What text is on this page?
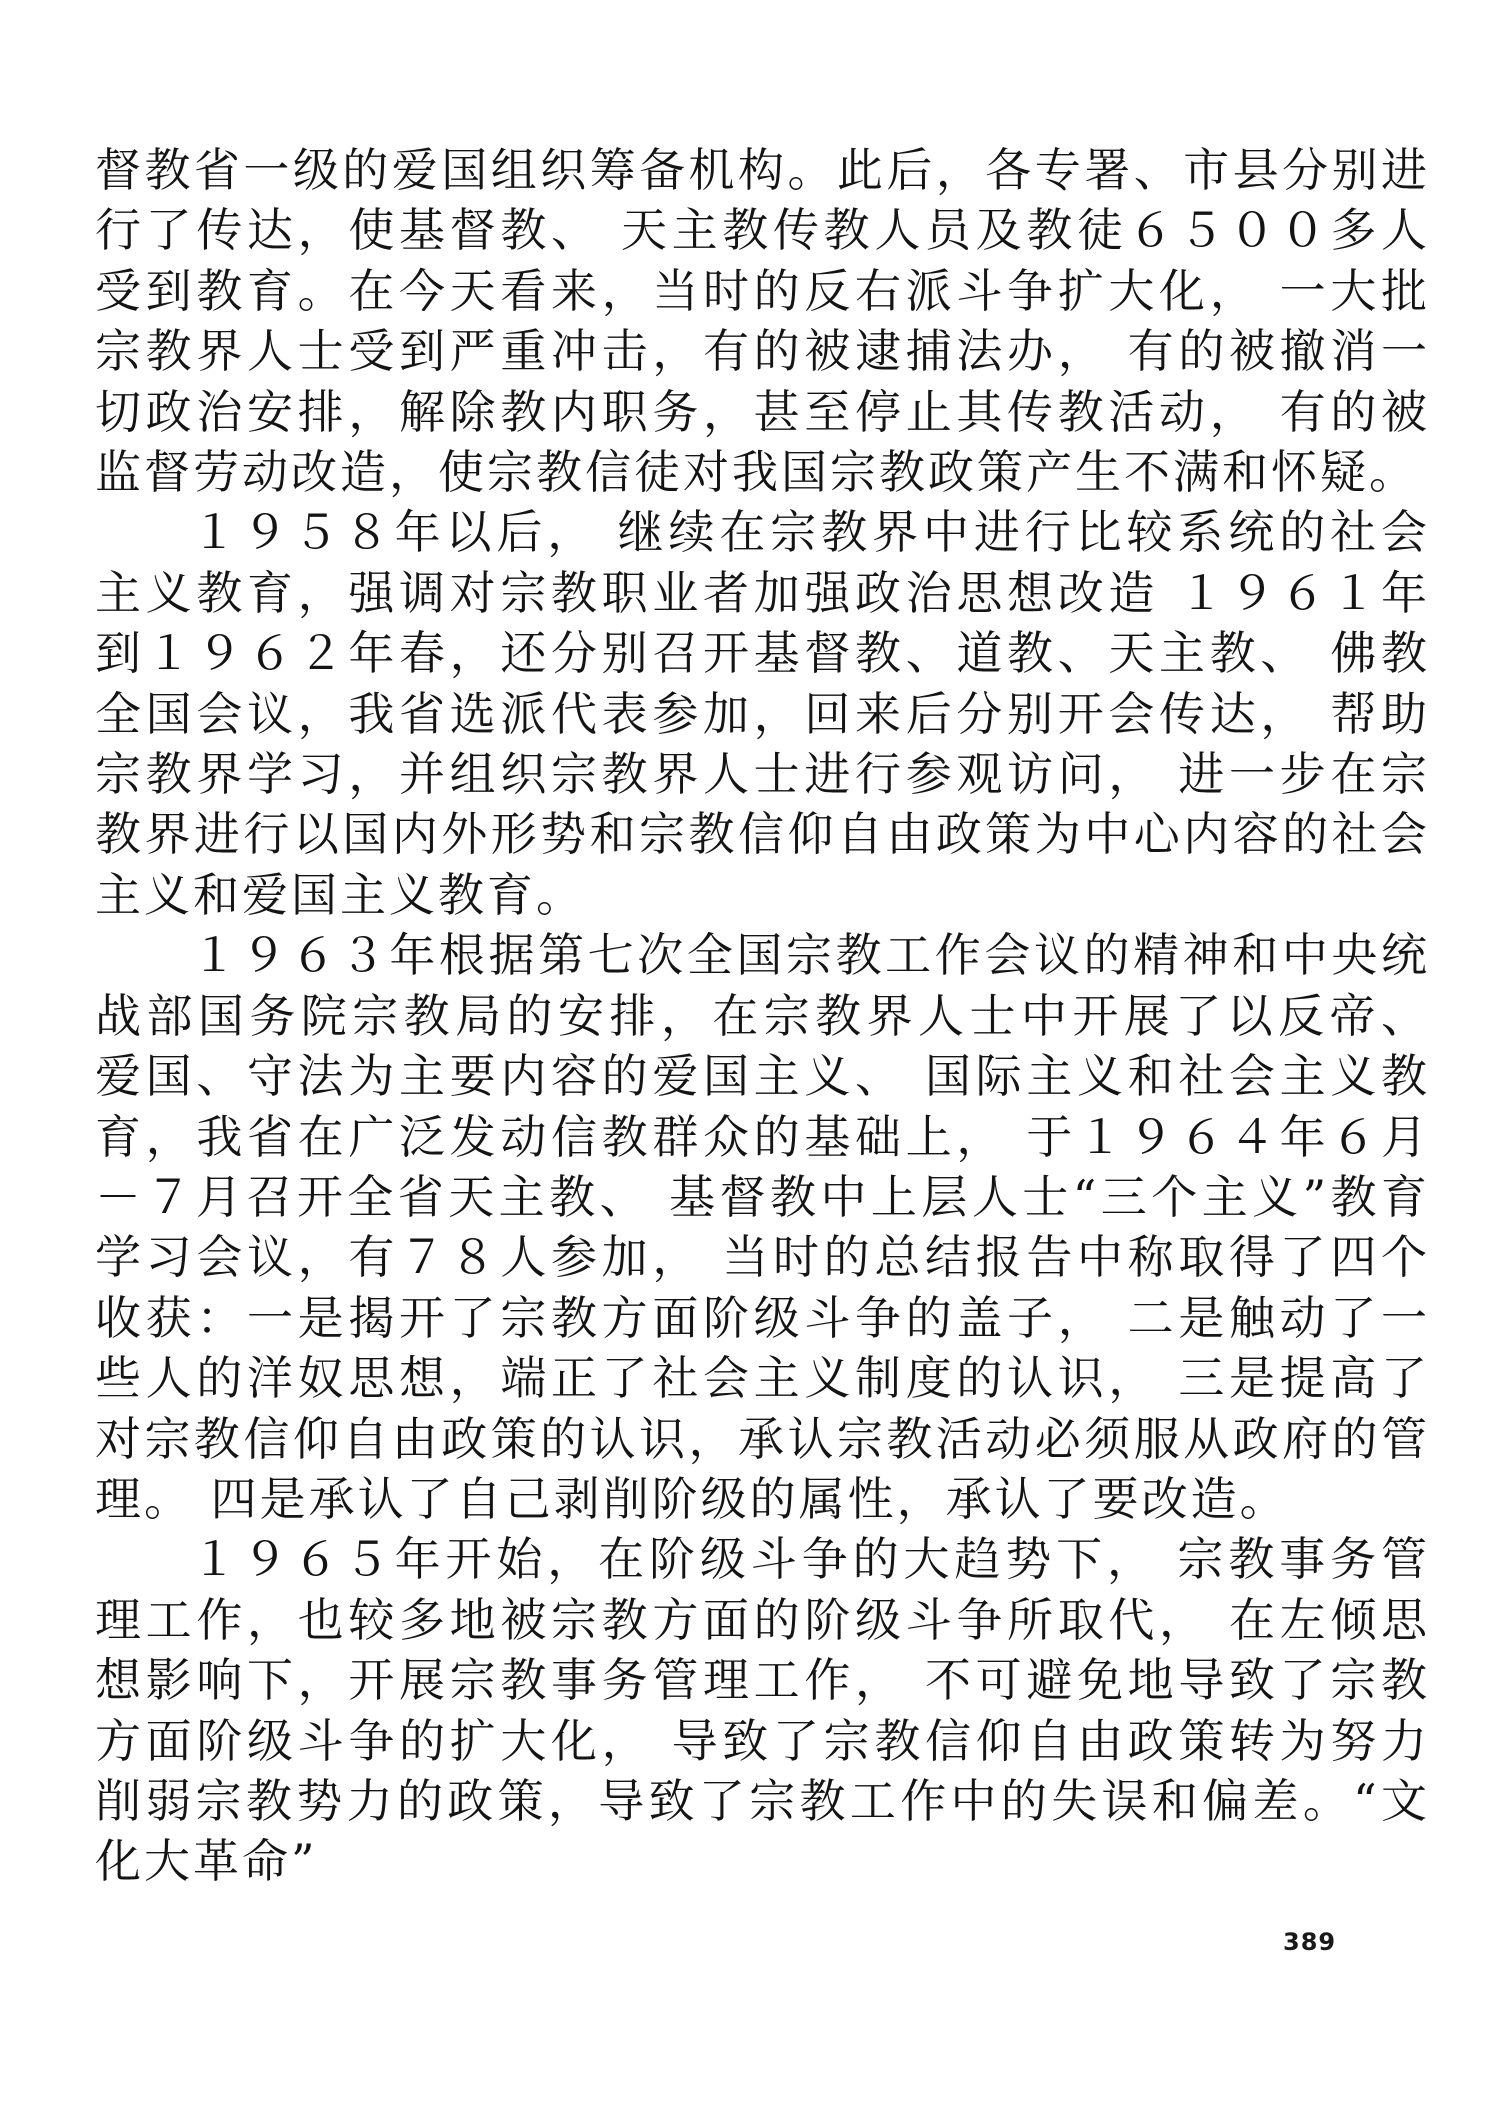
督教省一级的爱国组织筹备机构。此后，各专署、市县分别进行了传达，使基督教、 天主教传教人员及教徒６５００多人受到教育。在今天看来，当时的反右派斗争扩大化， 一大批宗教界人士受到严重冲击，有的被逮捕法办， 有的被撤消一切政治安排，解除教内职务，甚至停止其传教活动， 有的被监督劳动改造，使宗教信徒对我国宗教政策产生不满和怀疑。

１９５８年以后， 继续在宗教界中进行比较系统的社会主义教育，强调对宗教职业者加强政治思想改造 １９６１年到１９６２年春，还分别召开基督教、道教、天主教、 佛教全国会议，我省选派代表参加，回来后分别开会传达， 帮助宗教界学习，并组织宗教界人士进行参观访问， 进一步在宗教界进行以国内外形势和宗教信仰自由政策为中心内容的社会主义和爱国主义教育。

１９６３年根据第七次全国宗教工作会议的精神和中央统战部国务院宗教局的安排，在宗教界人士中开展了以反帝、 爱国、守法为主要内容的爱国主义、 国际主义和社会主义教育，我省在广泛发动信教群众的基础上， 于１９６４年６月－７月召开全省天主教、 基督教中上层人士“三个主义”教育学习会议，有７８人参加， 当时的总结报告中称取得了四个收获：一是揭开了宗教方面阶级斗争的盖子， 二是触动了一些人的洋奴思想，端正了社会主义制度的认识， 三是提高了对宗教信仰自由政策的认识，承认宗教活动必须服从政府的管理。 四是承认了自己剥削阶级的属性，承认了要改造。

１９６５年开始，在阶级斗争的大趋势下， 宗教事务管理工作，也较多地被宗教方面的阶级斗争所取代， 在左倾思想影响下，开展宗教事务管理工作， 不可避免地导致了宗教方面阶级斗争的扩大化， 导致了宗教信仰自由政策转为努力削弱宗教势力的政策，导致了宗教工作中的失误和偏差。“文化大革命”

389
